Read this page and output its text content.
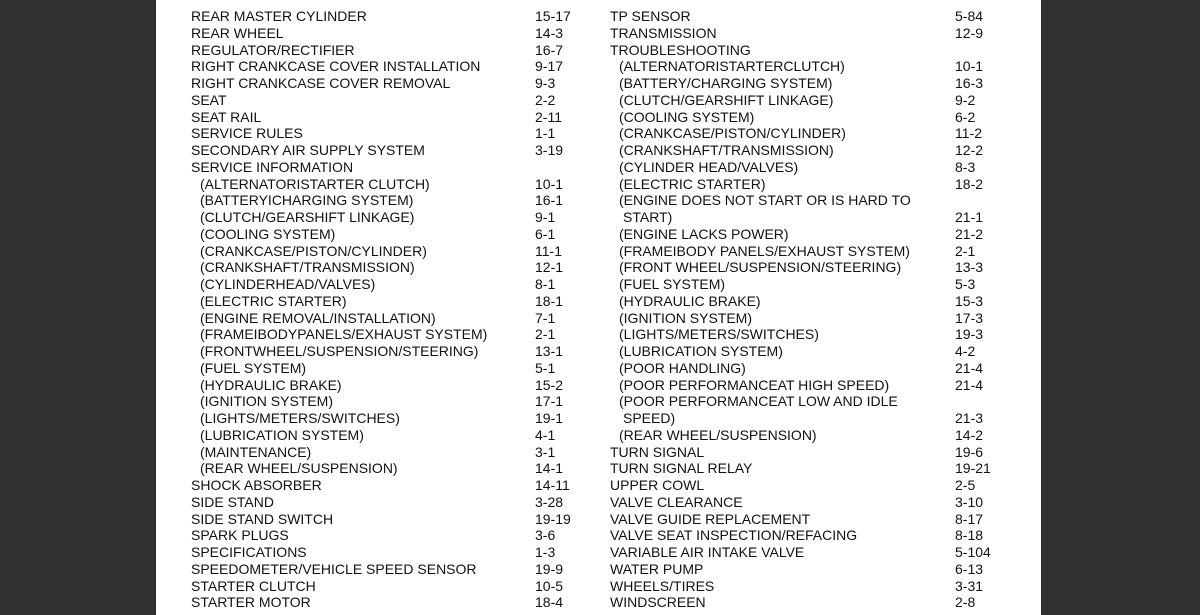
REAR MASTER CYLINDER	15-17
REAR WHEEL	14-3
REGULATOR/RECTIFIER	16-7
RIGHT CRANKCASE COVER INSTALLATION	9-17
RIGHT CRANKCASE COVER REMOVAL	9-3
SEAT	2-2
SEAT RAIL	2-11
SERVICE RULES	1-1
SECONDARY AIR SUPPLY SYSTEM	3-19
SERVICE INFORMATION
(ALTERNATORISTARTER CLUTCH)	10-1
(BATTERYICHARGING SYSTEM)	16-1
(CLUTCH/GEARSHIFT LINKAGE)	9-1
(COOLING SYSTEM)	6-1
(CRANKCASE/PISTON/CYLINDER)	11-1
(CRANKSHAFT/TRANSMISSION)	12-1
(CYLINDERHEAD/VALVES)	8-1
(ELECTRIC STARTER)	18-1
(ENGINE REMOVAL/INSTALLATION)	7-1
(FRAMEIBODYPANELS/EXHAUST SYSTEM)	2-1
(FRONTWHEEL/SUSPENSION/STEERING)	13-1
(FUEL SYSTEM)	5-1
(HYDRAULIC BRAKE)	15-2
(IGNITION SYSTEM)	17-1
(LIGHTS/METERS/SWITCHES)	19-1
(LUBRICATION SYSTEM)	4-1
(MAINTENANCE)	3-1
(REAR WHEEL/SUSPENSION)	14-1
SHOCK ABSORBER	14-11
SIDE STAND	3-28
SIDE STAND SWITCH	19-19
SPARK PLUGS	3-6
SPECIFICATIONS	1-3
SPEEDOMETER/VEHICLE SPEED SENSOR	19-9
STARTER CLUTCH	10-5
STARTER MOTOR	18-4
TP SENSOR	5-84
TRANSMISSION	12-9
TROUBLESHOOTING
(ALTERNATORISTARTERCLUTCH)	10-1
(BATTERY/CHARGING SYSTEM)	16-3
(CLUTCH/GEARSHIFT LINKAGE)	9-2
(COOLING SYSTEM)	6-2
(CRANKCASE/PISTON/CYLINDER)	11-2
(CRANKSHAFT/TRANSMISSION)	12-2
(CYLINDER HEAD/VALVES)	8-3
(ELECTRIC STARTER)	18-2
(ENGINE DOES NOT START OR IS HARD TO
START)	21-1
(ENGINE LACKS POWER)	21-2
(FRAMEIBODY PANELS/EXHAUST SYSTEM)	2-1
(FRONT WHEEL/SUSPENSION/STEERING)	13-3
(FUEL SYSTEM)	5-3
(HYDRAULIC BRAKE)	15-3
(IGNITION SYSTEM)	17-3
(LIGHTS/METERS/SWITCHES)	19-3
(LUBRICATION SYSTEM)	4-2
(POOR HANDLING)	21-4
(POOR PERFORMANCEAT HIGH SPEED)	21-4
(POOR PERFORMANCEAT LOW AND IDLE
SPEED)	21-3
(REAR WHEEL/SUSPENSION)	14-2
TURN SIGNAL	19-6
TURN SIGNAL RELAY	19-21
UPPER COWL	2-5
VALVE CLEARANCE	3-10
VALVE GUIDE REPLACEMENT	8-17
VALVE SEAT INSPECTION/REFACING	8-18
VARIABLE AIR INTAKE VALVE	5-104
WATER PUMP	6-13
WHEELS/TIRES	3-31
WINDSCREEN	2-8
